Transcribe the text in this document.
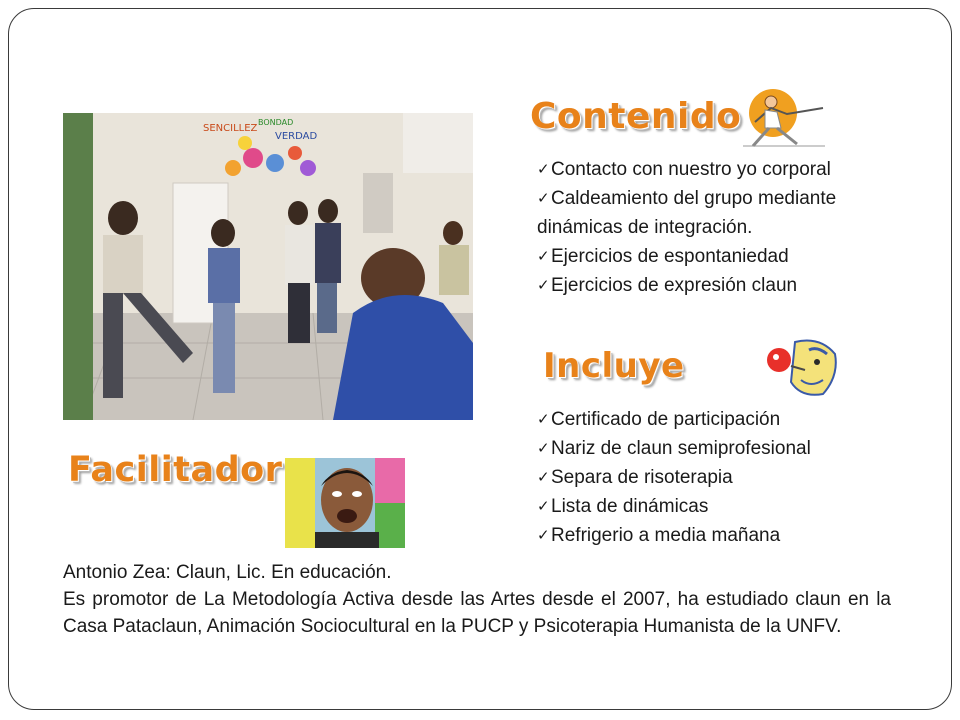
SENCILLEZ
BONDAD
VERDAD	Contenido
✓ Contacto con nuestro yo corporal
✓ Caldeamiento del grupo mediante
dinámicas de integración.
✓ Ejercicios de espontaniedad
✓ Ejercicios de expresión claun
Incluye
✓ Certificado de participación
✓ Nariz de claun semiprofesional
✓ Separa de risoterapia
✓ Lista de dinámicas
✓ Refrigerio a media mañana
Facilitador

Antonio Zea: Claun, Lic. En educación.

Es promotor de La Metodología Activa desde las Artes desde el 2007, ha estudiado claun en la Casa Pataclaun, Animación Sociocultural en la PUCP y Psicoterapia Humanista de la UNFV.
